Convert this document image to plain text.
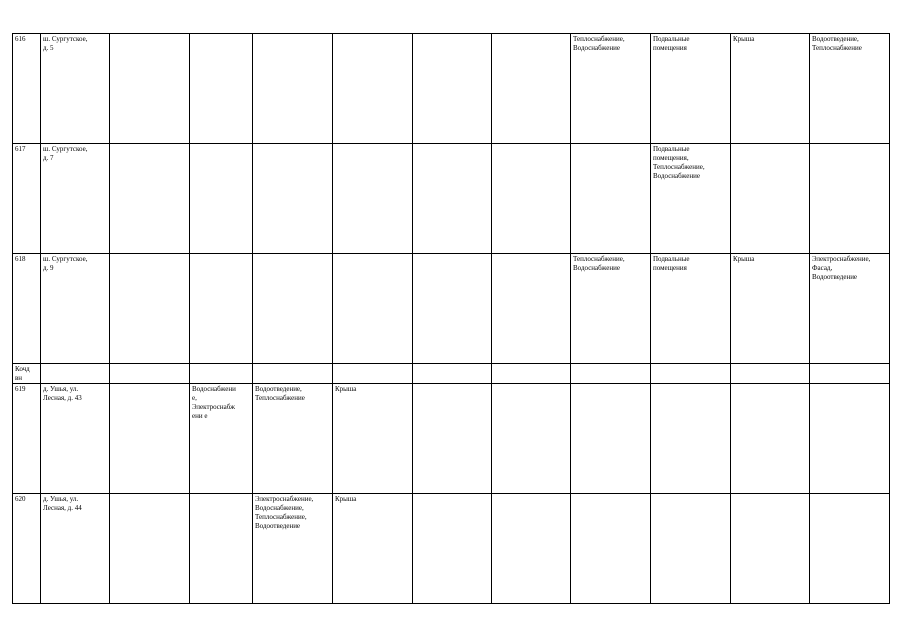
616	ш. Сургутское,
д. 5							Теплоснабжение,
Водоснабжение	Подвальные
помещения	Крыша	Водоотведение,
Теплоснабжение
617	ш. Сургутское,
д. 7								Подвальные
помещения,
Теплоснабжение,
Водоснабжение		
618	ш. Сургутское,
д. 9							Теплоснабжение,
Водоснабжение	Подвальные
помещения	Крыша	Электроснабжение,
Фасад,
Водоотведение
Кочд
вн											
619	д. Ушья, ул.
Лесная, д. 43		Водоснабжени
е,
Электроснабж
ени е	Водоотведение,
Теплоснабжение	Крыша						
620	д. Ушья, ул.
Лесная, д. 44			Электроснабжение,
Водоснабжение,
Теплоснабжение,
Водоотведение	Крыша						
